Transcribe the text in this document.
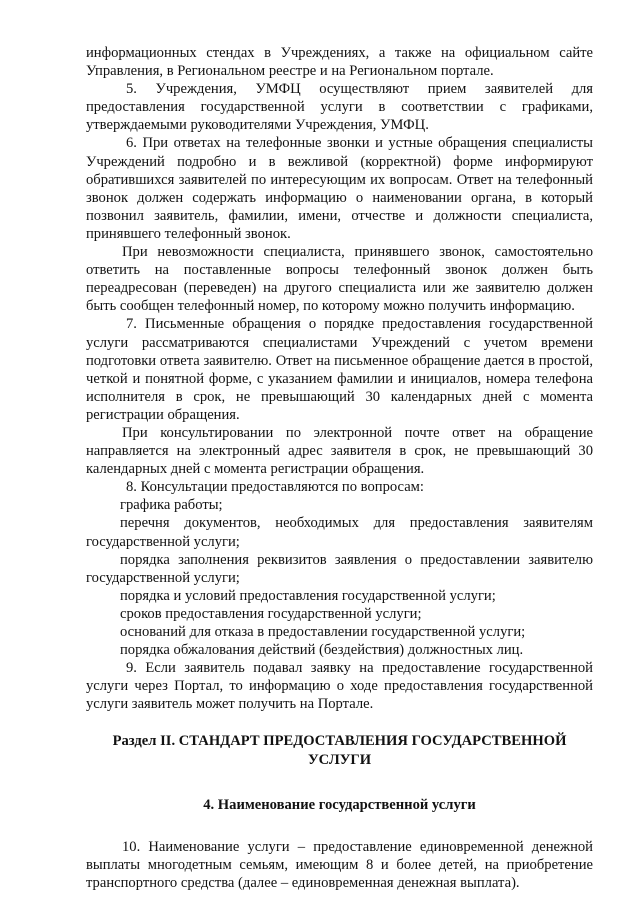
информационных стендах в Учреждениях, а также на официальном сайте Управления, в Региональном реестре и на Региональном портале.

5. Учреждения, УМФЦ осуществляют прием заявителей для предоставления государственной услуги в соответствии с графиками, утверждаемыми руководителями Учреждения, УМФЦ.

6. При ответах на телефонные звонки и устные обращения специалисты Учреждений подробно и в вежливой (корректной) форме информируют обратившихся заявителей по интересующим их вопросам. Ответ на телефонный звонок должен содержать информацию о наименовании органа, в который позвонил заявитель, фамилии, имени, отчестве и должности специалиста, принявшего телефонный звонок.

При невозможности специалиста, принявшего звонок, самостоятельно ответить на поставленные вопросы телефонный звонок должен быть переадресован (переведен) на другого специалиста или же заявителю должен быть сообщен телефонный номер, по которому можно получить информацию.

7. Письменные обращения о порядке предоставления государственной услуги рассматриваются специалистами Учреждений с учетом времени подготовки ответа заявителю. Ответ на письменное обращение дается в простой, четкой и понятной форме, с указанием фамилии и инициалов, номера телефона исполнителя в срок, не превышающий 30 календарных дней с момента регистрации обращения.

При консультировании по электронной почте ответ на обращение направляется на электронный адрес заявителя в срок, не превышающий 30 календарных дней с момента регистрации обращения.

8. Консультации предоставляются по вопросам:

графика работы;

перечня документов, необходимых для предоставления заявителям государственной услуги;

порядка заполнения реквизитов заявления о предоставлении заявителю государственной услуги;

порядка и условий предоставления государственной услуги;

сроков предоставления государственной услуги;

оснований для отказа в предоставлении государственной услуги;

порядка обжалования действий (бездействия) должностных лиц.

9. Если заявитель подавал заявку на предоставление государственной услуги через Портал, то информацию о ходе предоставления государственной услуги заявитель может получить на Портале.

Раздел II. СТАНДАРТ ПРЕДОСТАВЛЕНИЯ ГОСУДАРСТВЕННОЙ УСЛУГИ
4. Наименование государственной услуги

10. Наименование услуги – предоставление единовременной денежной выплаты многодетным семьям, имеющим 8 и более детей, на приобретение транспортного средства (далее – единовременная денежная выплата).
